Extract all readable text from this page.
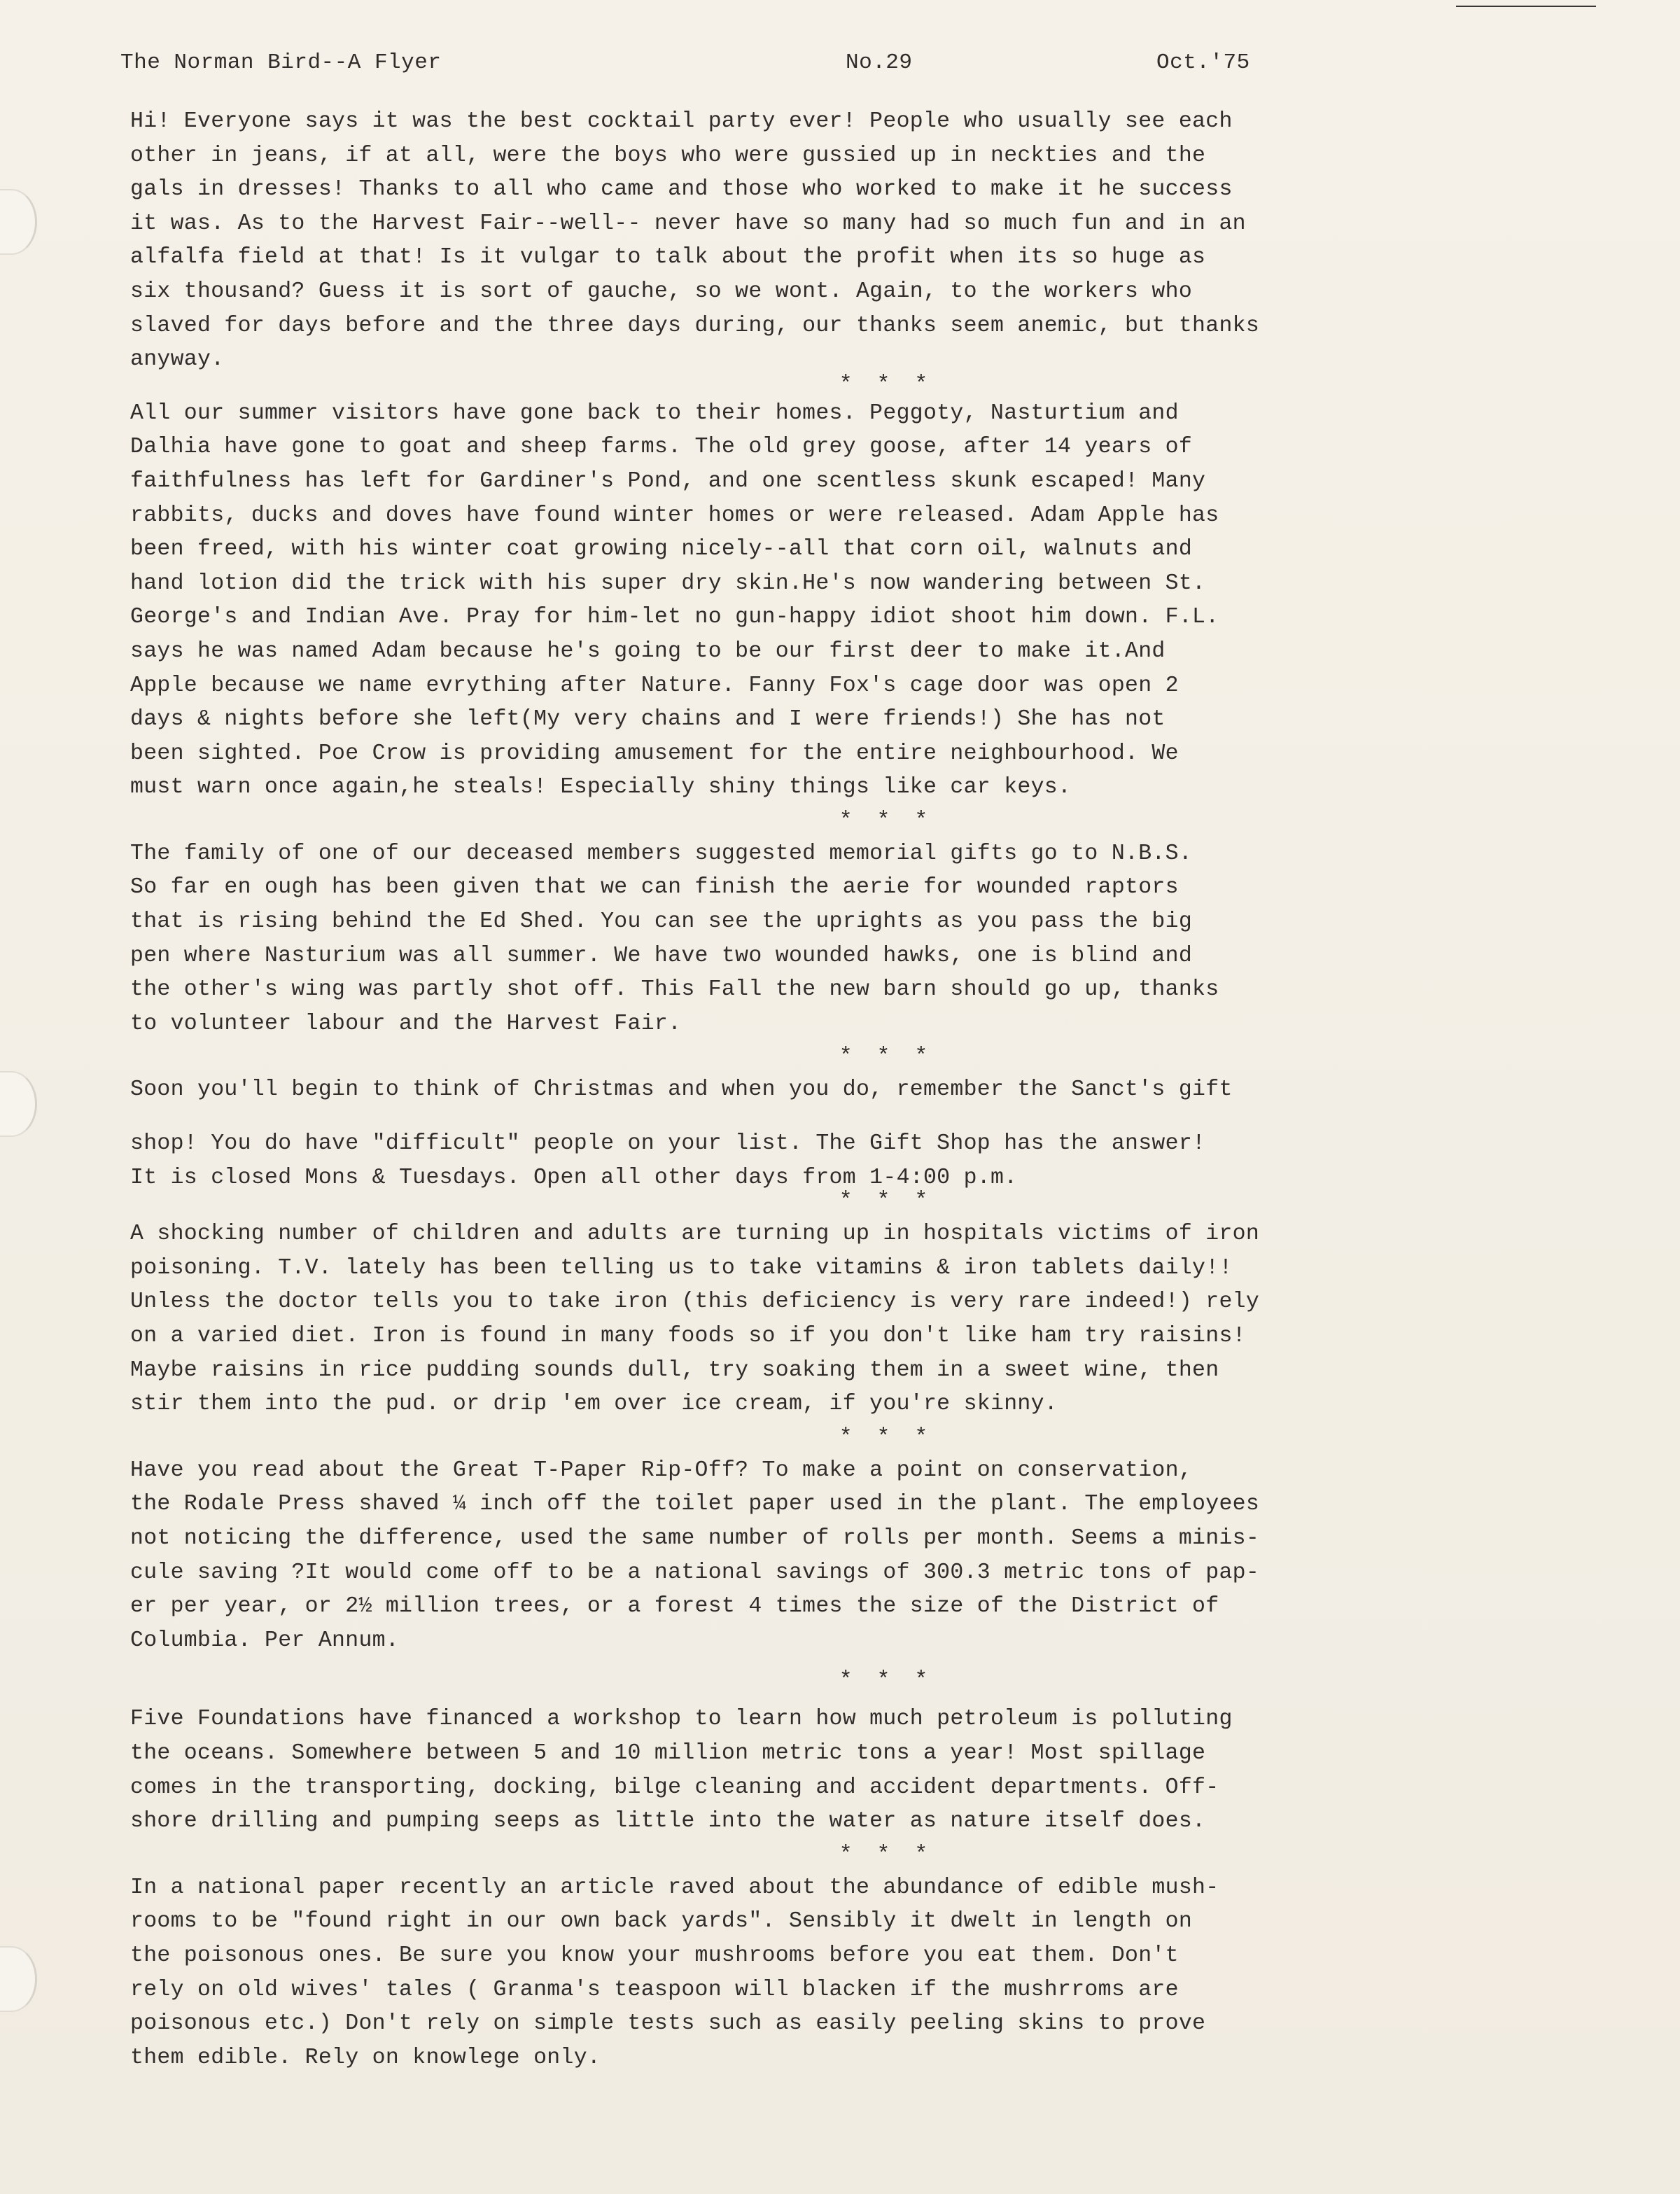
The Norman Bird--A Flyer	No.29	Oct.'75

Hi! Everyone says it was the best cocktail party ever! People who usually see each
other in jeans, if at all, were the boys who were gussied up in neckties and the
gals in dresses! Thanks to all who came and those who worked to make it he success
it was. As to the Harvest Fair--well-- never have so many had so much fun and in an
alfalfa field at that! Is it vulgar to talk about the profit when its so huge as
six thousand? Guess it is sort of gauche, so we wont. Again, to the workers who
slaved for days before and the three days during, our thanks seem anemic, but thanks
anyway.

* * *

All our summer visitors have gone back to their homes. Peggoty, Nasturtium and
Dalhia have gone to goat and sheep farms. The old grey goose, after 14 years of
faithfulness has left for Gardiner's Pond, and one scentless skunk escaped! Many
rabbits, ducks and doves have found winter homes or were released. Adam Apple has
been freed, with his winter coat growing nicely--all that corn oil, walnuts and
hand lotion did the trick with his super dry skin.He's now wandering between St.
George's and Indian Ave. Pray for him-let no gun-happy idiot shoot him down. F.L.
says he was named Adam because he's going to be our first deer to make it.And
Apple because we name evrything after Nature. Fanny Fox's cage door was open 2
days & nights before she left(My very chains and I were friends!) She has not
been sighted. Poe Crow is providing amusement for the entire neighbourhood. We
must warn once again,he steals! Especially shiny things like car keys.

* * *

The family of one of our deceased members suggested memorial gifts go to N.B.S.
So far en ough has been given that we can finish the aerie for wounded raptors
that is rising behind the Ed Shed. You can see the uprights as you pass the big
pen where Nasturium was all summer. We have two wounded hawks, one is blind and
the other's wing was partly shot off. This Fall the new barn should go up, thanks
to volunteer labour and the Harvest Fair.

* * *

Soon you'll begin to think of Christmas and when you do, remember the Sanct's gift

shop! You do have "difficult" people on your list. The Gift Shop has the answer!
It is closed Mons & Tuesdays. Open all other days from 1-4:00 p.m.

* * *

A shocking number of children and adults are turning up in hospitals victims of iron
poisoning. T.V. lately has been telling us to take vitamins & iron tablets daily!!
Unless the doctor tells you to take iron (this deficiency is very rare indeed!) rely
on a varied diet. Iron is found in many foods so if you don't like ham try raisins!
Maybe raisins in rice pudding sounds dull, try soaking them in a sweet wine, then
stir them into the pud. or drip 'em over ice cream, if you're skinny.

* * *

Have you read about the Great T-Paper Rip-Off? To make a point on conservation,
the Rodale Press shaved ¼ inch off the toilet paper used in the plant. The employees
not noticing the difference, used the same number of rolls per month. Seems a minis-
cule saving ?It would come off to be a national savings of 300.3 metric tons of pap-
er per year, or 2½ million trees, or a forest 4 times the size of the District of
Columbia. Per Annum.

* * *

Five Foundations have financed a workshop to learn how much petroleum is polluting
the oceans. Somewhere between 5 and 10 million metric tons a year! Most spillage
comes in the transporting, docking, bilge cleaning and accident departments. Off-
shore drilling and pumping seeps as little into the water as nature itself does.

* * *

In a national paper recently an article raved about the abundance of edible mush-
rooms to be "found right in our own back yards". Sensibly it dwelt in length on
the poisonous ones. Be sure you know your mushrooms before you eat them. Don't
rely on old wives' tales ( Granma's teaspoon will blacken if the mushrroms are
poisonous etc.) Don't rely on simple tests such as easily peeling skins to prove
them edible. Rely on knowlege only.
